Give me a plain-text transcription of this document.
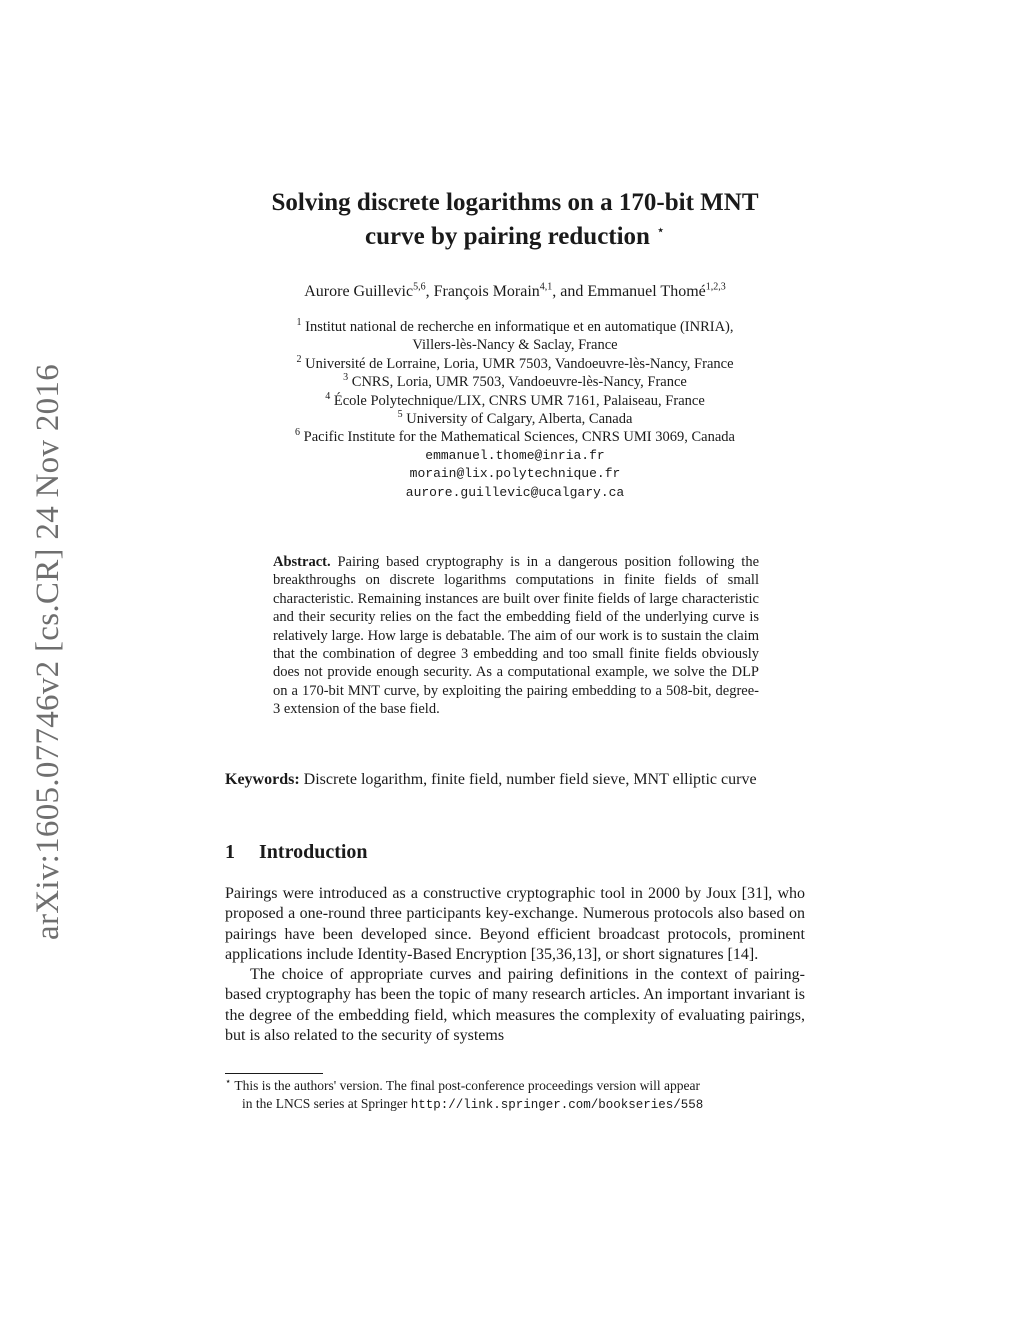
arXiv:1605.07746v2 [cs.CR] 24 Nov 2016
Solving discrete logarithms on a 170-bit MNT
curve by pairing reduction ⋆
Aurore Guillevic$^{5,6}$, François Morain$^{4,1}$, and Emmanuel Thomé$^{1,2,3}$
$^1$ Institut national de recherche en informatique et en automatique (INRIA),
Villers-lès-Nancy & Saclay, France
$^2$ Université de Lorraine, Loria, UMR 7503, Vandoeuvre-lès-Nancy, France
$^3$ CNRS, Loria, UMR 7503, Vandoeuvre-lès-Nancy, France
$^4$ École Polytechnique/LIX, CNRS UMR 7161, Palaiseau, France
$^5$ University of Calgary, Alberta, Canada
$^6$ Pacific Institute for the Mathematical Sciences, CNRS UMI 3069, Canada
emmanuel.thome@inria.fr
morain@lix.polytechnique.fr
aurore.guillevic@ucalgary.ca
Abstract. Pairing based cryptography is in a dangerous position following the breakthroughs on discrete logarithms computations in finite fields of small characteristic. Remaining instances are built over finite fields of large characteristic and their security relies on the fact the embedding field of the underlying curve is relatively large. How large is debatable. The aim of our work is to sustain the claim that the combination of degree 3 embedding and too small finite fields obviously does not provide enough security. As a computational example, we solve the DLP on a 170-bit MNT curve, by exploiting the pairing embedding to a 508-bit, degree-3 extension of the base field.
Keywords: Discrete logarithm, finite field, number field sieve, MNT elliptic curve
1 Introduction

Pairings were introduced as a constructive cryptographic tool in 2000 by Joux [31], who proposed a one-round three participants key-exchange. Numerous protocols also based on pairings have been developed since. Beyond efficient broadcast protocols, prominent applications include Identity-Based Encryption [35,36,13], or short signatures [14].

The choice of appropriate curves and pairing definitions in the context of pairing-based cryptography has been the topic of many research articles. An important invariant is the degree of the embedding field, which measures the complexity of evaluating pairings, but is also related to the security of systems

⋆ This is the authors' version. The final post-conference proceedings version will appear
in the LNCS series at Springer http://link.springer.com/bookseries/558
